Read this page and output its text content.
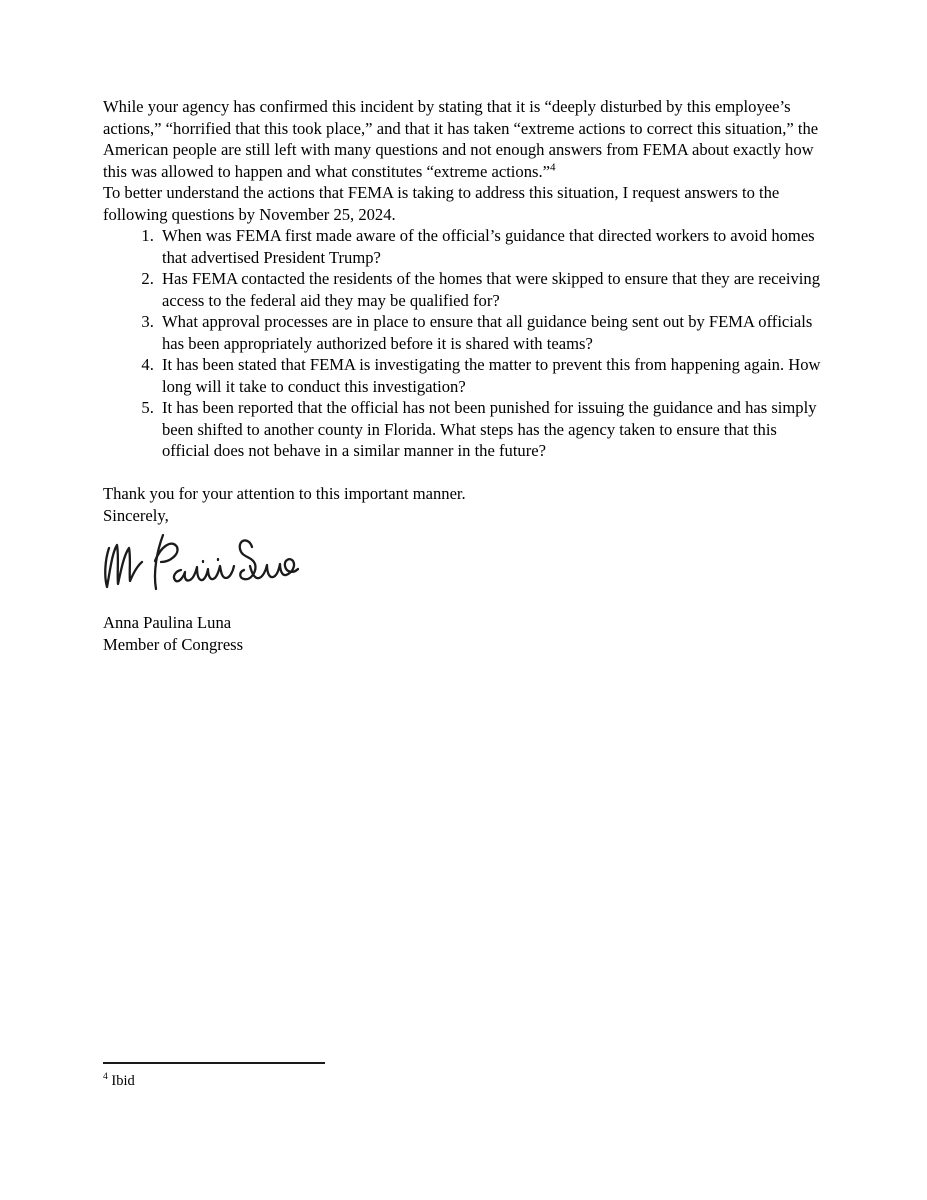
While your agency has confirmed this incident by stating that it is “deeply disturbed by this employee’s actions,” “horrified that this took place,” and that it has taken “extreme actions to correct this situation,” the American people are still left with many questions and not enough answers from FEMA about exactly how this was allowed to happen and what constitutes “extreme actions.”$^4$

To better understand the actions that FEMA is taking to address this situation, I request answers to the following questions by November 25, 2024.

1. When was FEMA first made aware of the official’s guidance that directed workers to avoid homes that advertised President Trump?
2. Has FEMA contacted the residents of the homes that were skipped to ensure that they are receiving access to the federal aid they may be qualified for?
3. What approval processes are in place to ensure that all guidance being sent out by FEMA officials has been appropriately authorized before it is shared with teams?
4. It has been stated that FEMA is investigating the matter to prevent this from happening again. How long will it take to conduct this investigation?
5. It has been reported that the official has not been punished for issuing the guidance and has simply been shifted to another county in Florida. What steps has the agency taken to ensure that this official does not behave in a similar manner in the future?

Thank you for your attention to this important manner.

Sincerely,

Anna Paulina Luna

Member of Congress

$^4$ Ibid
